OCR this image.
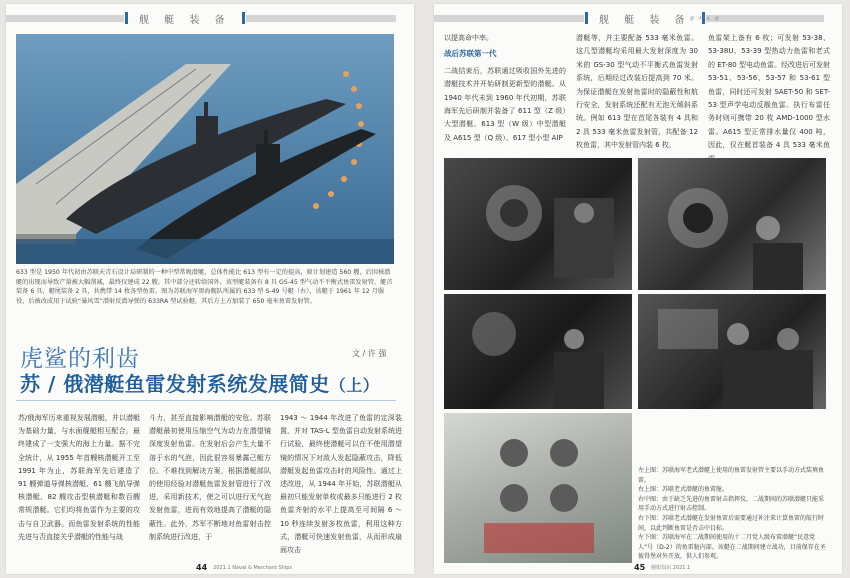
舰 艇 装 备
633 型是 1950 年代初由苏联天青石设计局研制的一种中型常规潜艇，总体性能比 613 型有一定的提高，原计划建造 560 艘，后因核潜艇的出现而导致产量被大幅削减，最终仅建成 22 艘。其中部分还转给国外。该型艇装备有 8 具 GS-45 型气动不平衡式鱼雷发射管，艇首装备 6 具，艇尾装备 2 具，共携带 14 枚各型鱼雷。图为苏联海军黑海舰队所属的 633 型 S-49 号艇（右），该艇于 1961 年 12 月服役，后被改成用于试验“暴风雪”潜射反潜导弹的 633RA 型试验艇，其后方上方加装了 650 毫米鱼雷发射管。
虎鲨的利齿	文 / 许 强
苏 / 俄潜艇鱼雷发射系统发展简史（上）
苏/俄海军历来重视发展潜艇，并以潜艇为基础力量，与水面舰艇相互配合，最终建成了一支强大的海上力量。据不完全统计，从 1955 年首艘核潜艇开工至 1991 年为止，苏联海军先后建造了 91 艘弹道导弹核潜艇、61 艘飞航导弹核潜艇、82 艘攻击型核潜艇和数百艘常规潜艇。它们均将鱼雷作为主要的攻击与自卫武器。而鱼雷发射系统的性能先进与否直接关乎潜艇的性能与战
斗力，甚至直接影响潜艇的安危。苏联潜艇最初使用压缩空气为动力在潜望镜深度发射鱼雷。在发射后会产生大量不溶于水的气泡，因此很容易暴露己艇方位。不难找到解决方案，根据潜艇部队的使用经验对潜艇鱼雷发射管进行了改进，采用新技术，使之可以进行无气泡发射鱼雷，进而有效地提高了潜艇的隐蔽性。此外，苏军不断地对鱼雷射击控制系统进行改进，于
1943 ～ 1944 年改进了鱼雷的定深装置，并对 TAS-L 型鱼雷自动发射系统进行试验，最终使潜艇可以在不使用潜望镜的情况下对敌人发起隐蔽攻击，降低潜艇发起鱼雷攻击时的风险性。通过上述改进，从 1944 年开始，苏联潜艇从最初只能发射单枚或最多只能进行 2 枚鱼雷齐射的水平上提高至可间隔 6 ～ 10 秒连续发射多枚鱼雷，利用这种方式，潜艇可快速发射鱼雷，从而形成扇面攻击
44 2021.1 Naval & Merchant Ships
舰 艇 装 备
ㅎ 시ㅅ ㅎ
以提高命中率。
战后苏联第一代
二战结束后，苏联通过吸收国外先进的潜艇技术并开始研制更新型的潜艇。从 1940 年代末到 1960 年代初期，苏联海军先后研制并装备了 611 型（Z 级）大型潜艇、613 型（W 级）中型潜艇及 A615 型（Q 级）、617 型小型 AIP
潜艇等，并主要配备 533 毫米鱼雷。这几型潜艇均采用最大发射深度为 30 米的 GS-30 型气动不平衡式鱼雷发射系统，后期经过改装后提高到 70 米。为保证潜艇在发射鱼雷时的隐蔽性和航行安全，发射系统还配有无泡无倾斜系统。例如 613 型在首尾各装有 4 具和 2 具 533 毫米鱼雷发射管，共配备 12 枚鱼雷，其中发射管内装 6 枚，
鱼雷架上备有 6 枚；可发射 53-38、53-38U、53-39 型热动力鱼雷和老式的 ET-80 型电动鱼雷。经改进后可发射 53-51、53-56、53-57 和 53-61 型鱼雷，同时还可发射 SAET-50 和 SET-53 型声学电动反舰鱼雷。执行布雷任务时则可携带 20 枚 AMD-1000 型水雷。A615 型正常排水量仅 400 吨，因此，仅在艇首装备 4 具 533 毫米鱼
左上图：苏联海军老式潜艇上使用的鱼雷发射管主要以手动方式装填鱼雷。
右上图：苏联老式潜艇的鱼雷舱。
右中图：由于缺乏先进的鱼雷射击指挥仪，二战期间的苏联潜艇只能采用手动方式进行射击控制。
右下图：苏联老式潜艇在发射鱼雷后需要通过补注来计算鱼雷的航行时间，以此判断鱼雷是否击中目标。
左下图：苏联海军在二战期间使用的十二月党人级布雷潜艇“民意党人”号（D-2）的鱼雷舱内部。该艇在二战期间建立战功，目前保存在圣彼得堡对外开放，供人们参观。
45 舰船知识 2021.1
